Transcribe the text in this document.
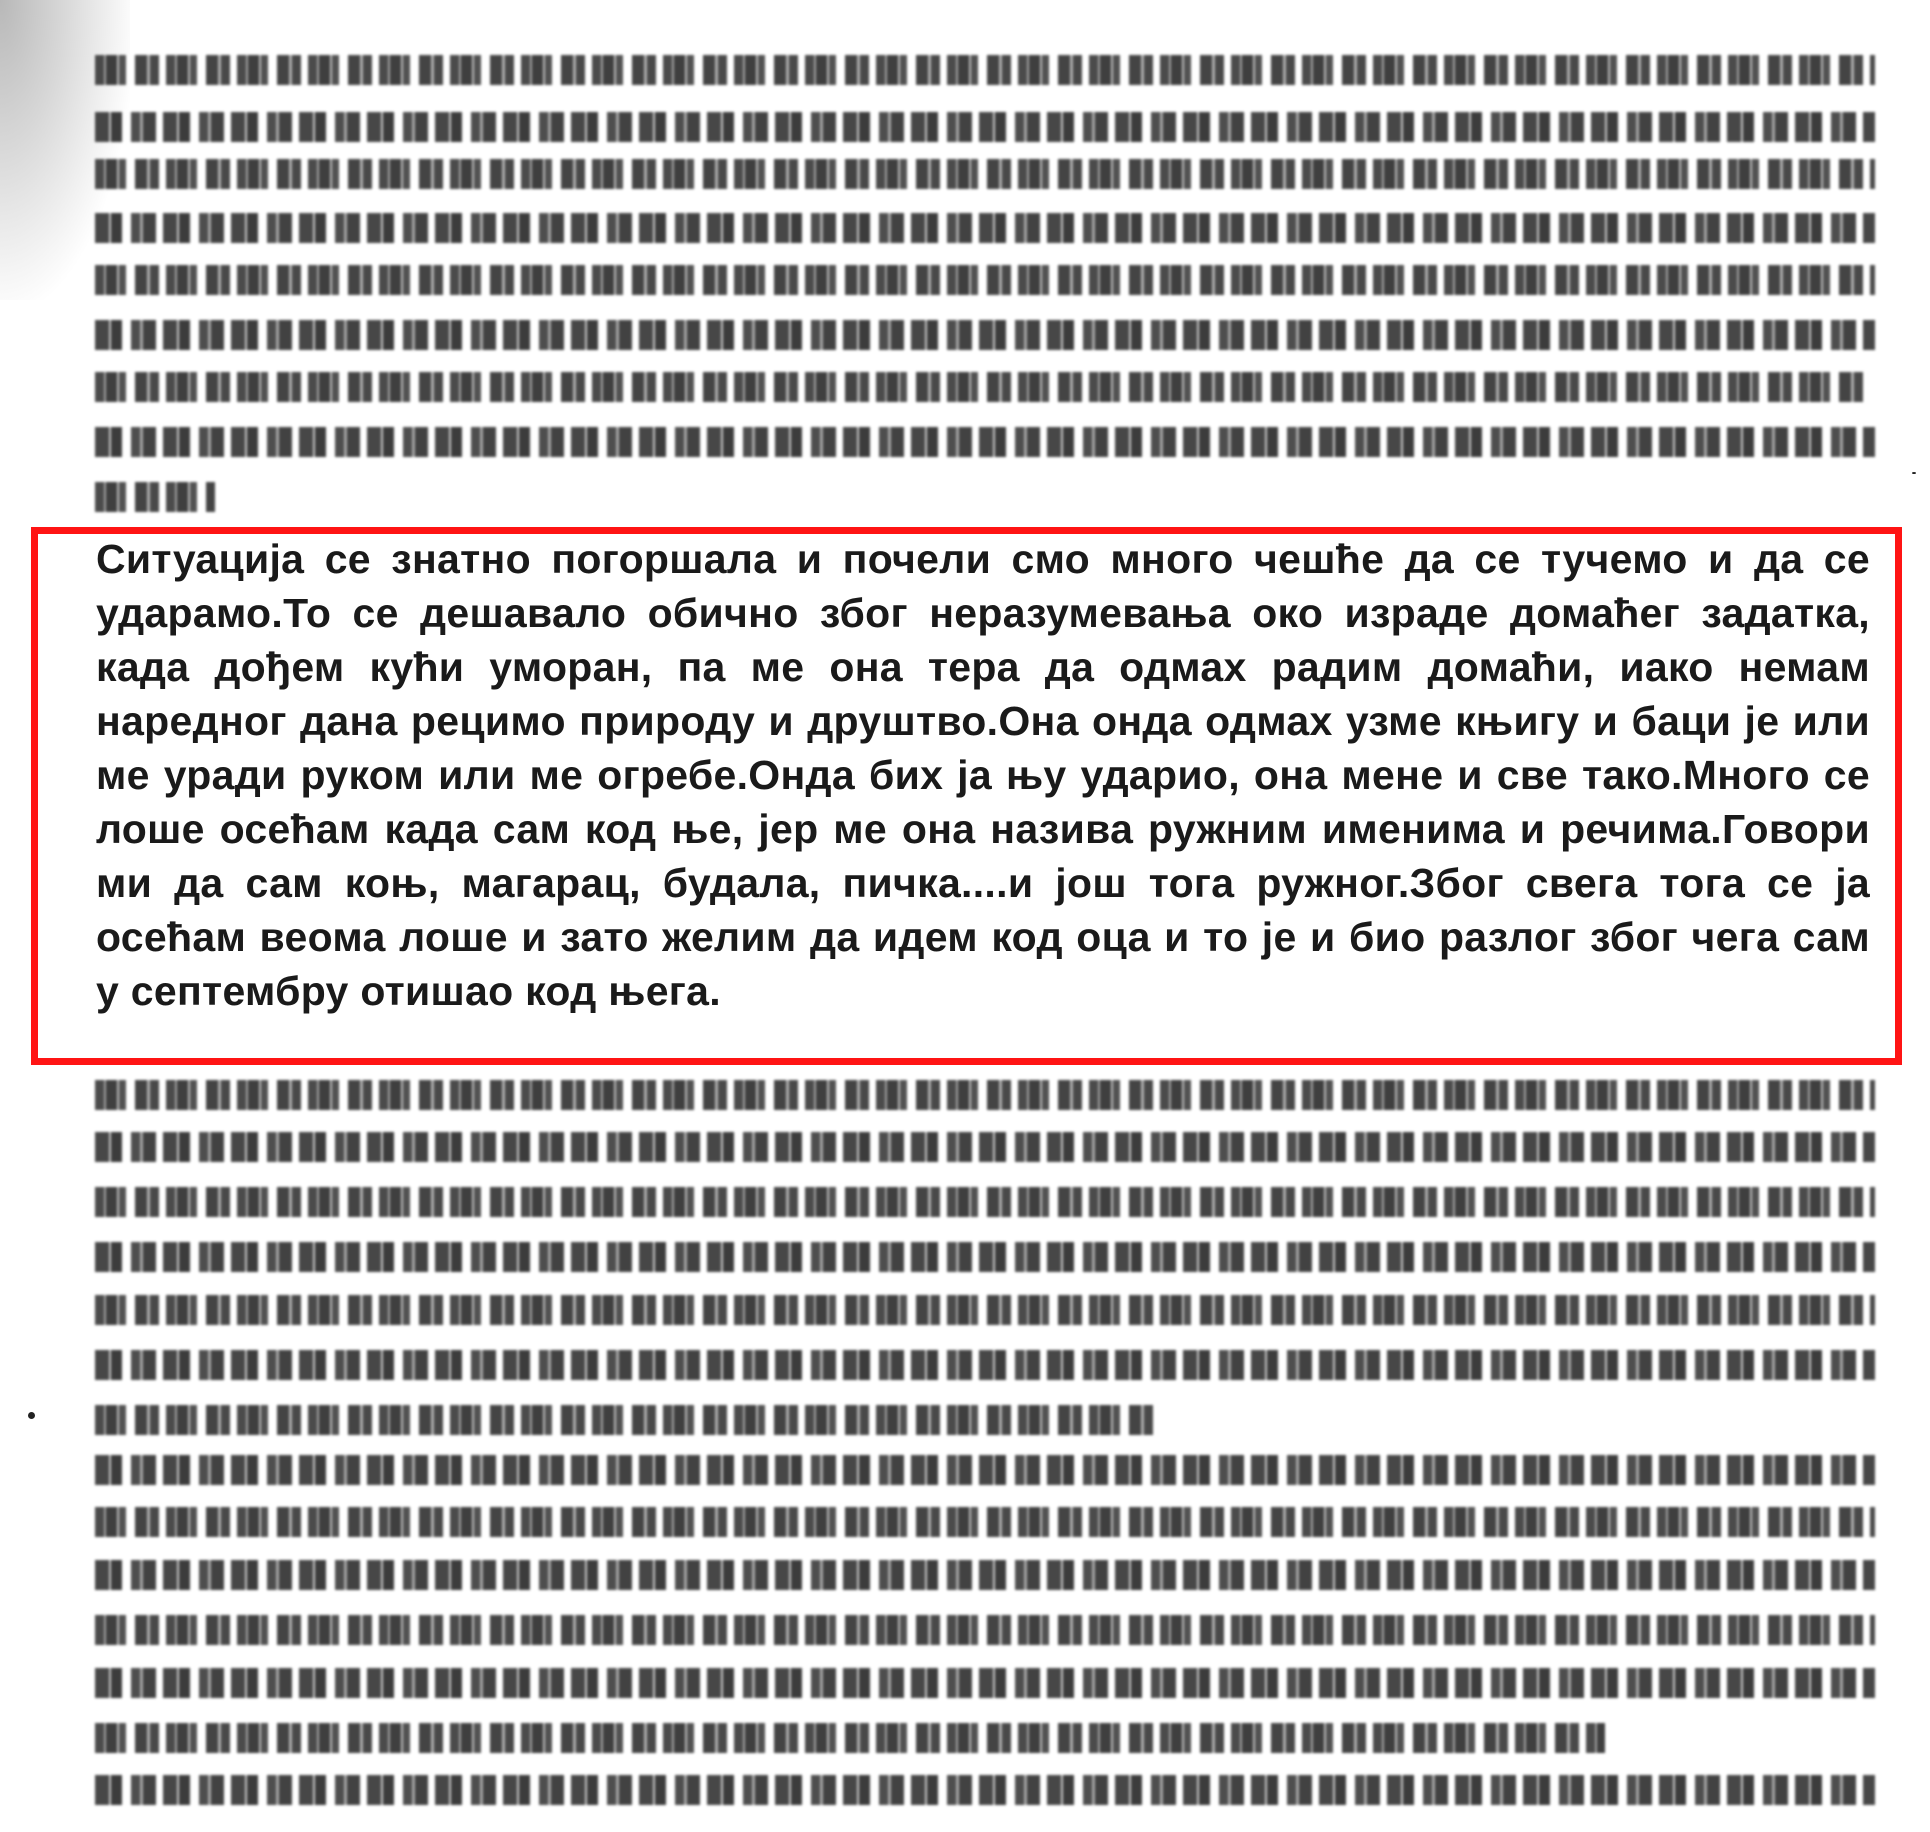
Ситуација се знатно погоршала и почели смо много чешће да се тучемо и да се ударамо.То се дешавало обично због неразумевања око израде домаћег задатка, када дођем кући уморан, па ме она тера да одмах радим домаћи, иако немам наредног дана рецимо природу и друштво.Она онда одмах узме књигу и баци је или ме уради руком или ме огребе.Онда бих ја њу ударио, она мене и све тако.Много се лоше осећам када сам код ње, јер ме она назива ружним именима и речима.Говори ми да сам коњ, магарац, будала, пичка....и још тога ружног.Због свега тога се ја осећам веома лоше и зато желим да идем код оца и то је и био разлог због чега сам у септембру отишао код њега.
